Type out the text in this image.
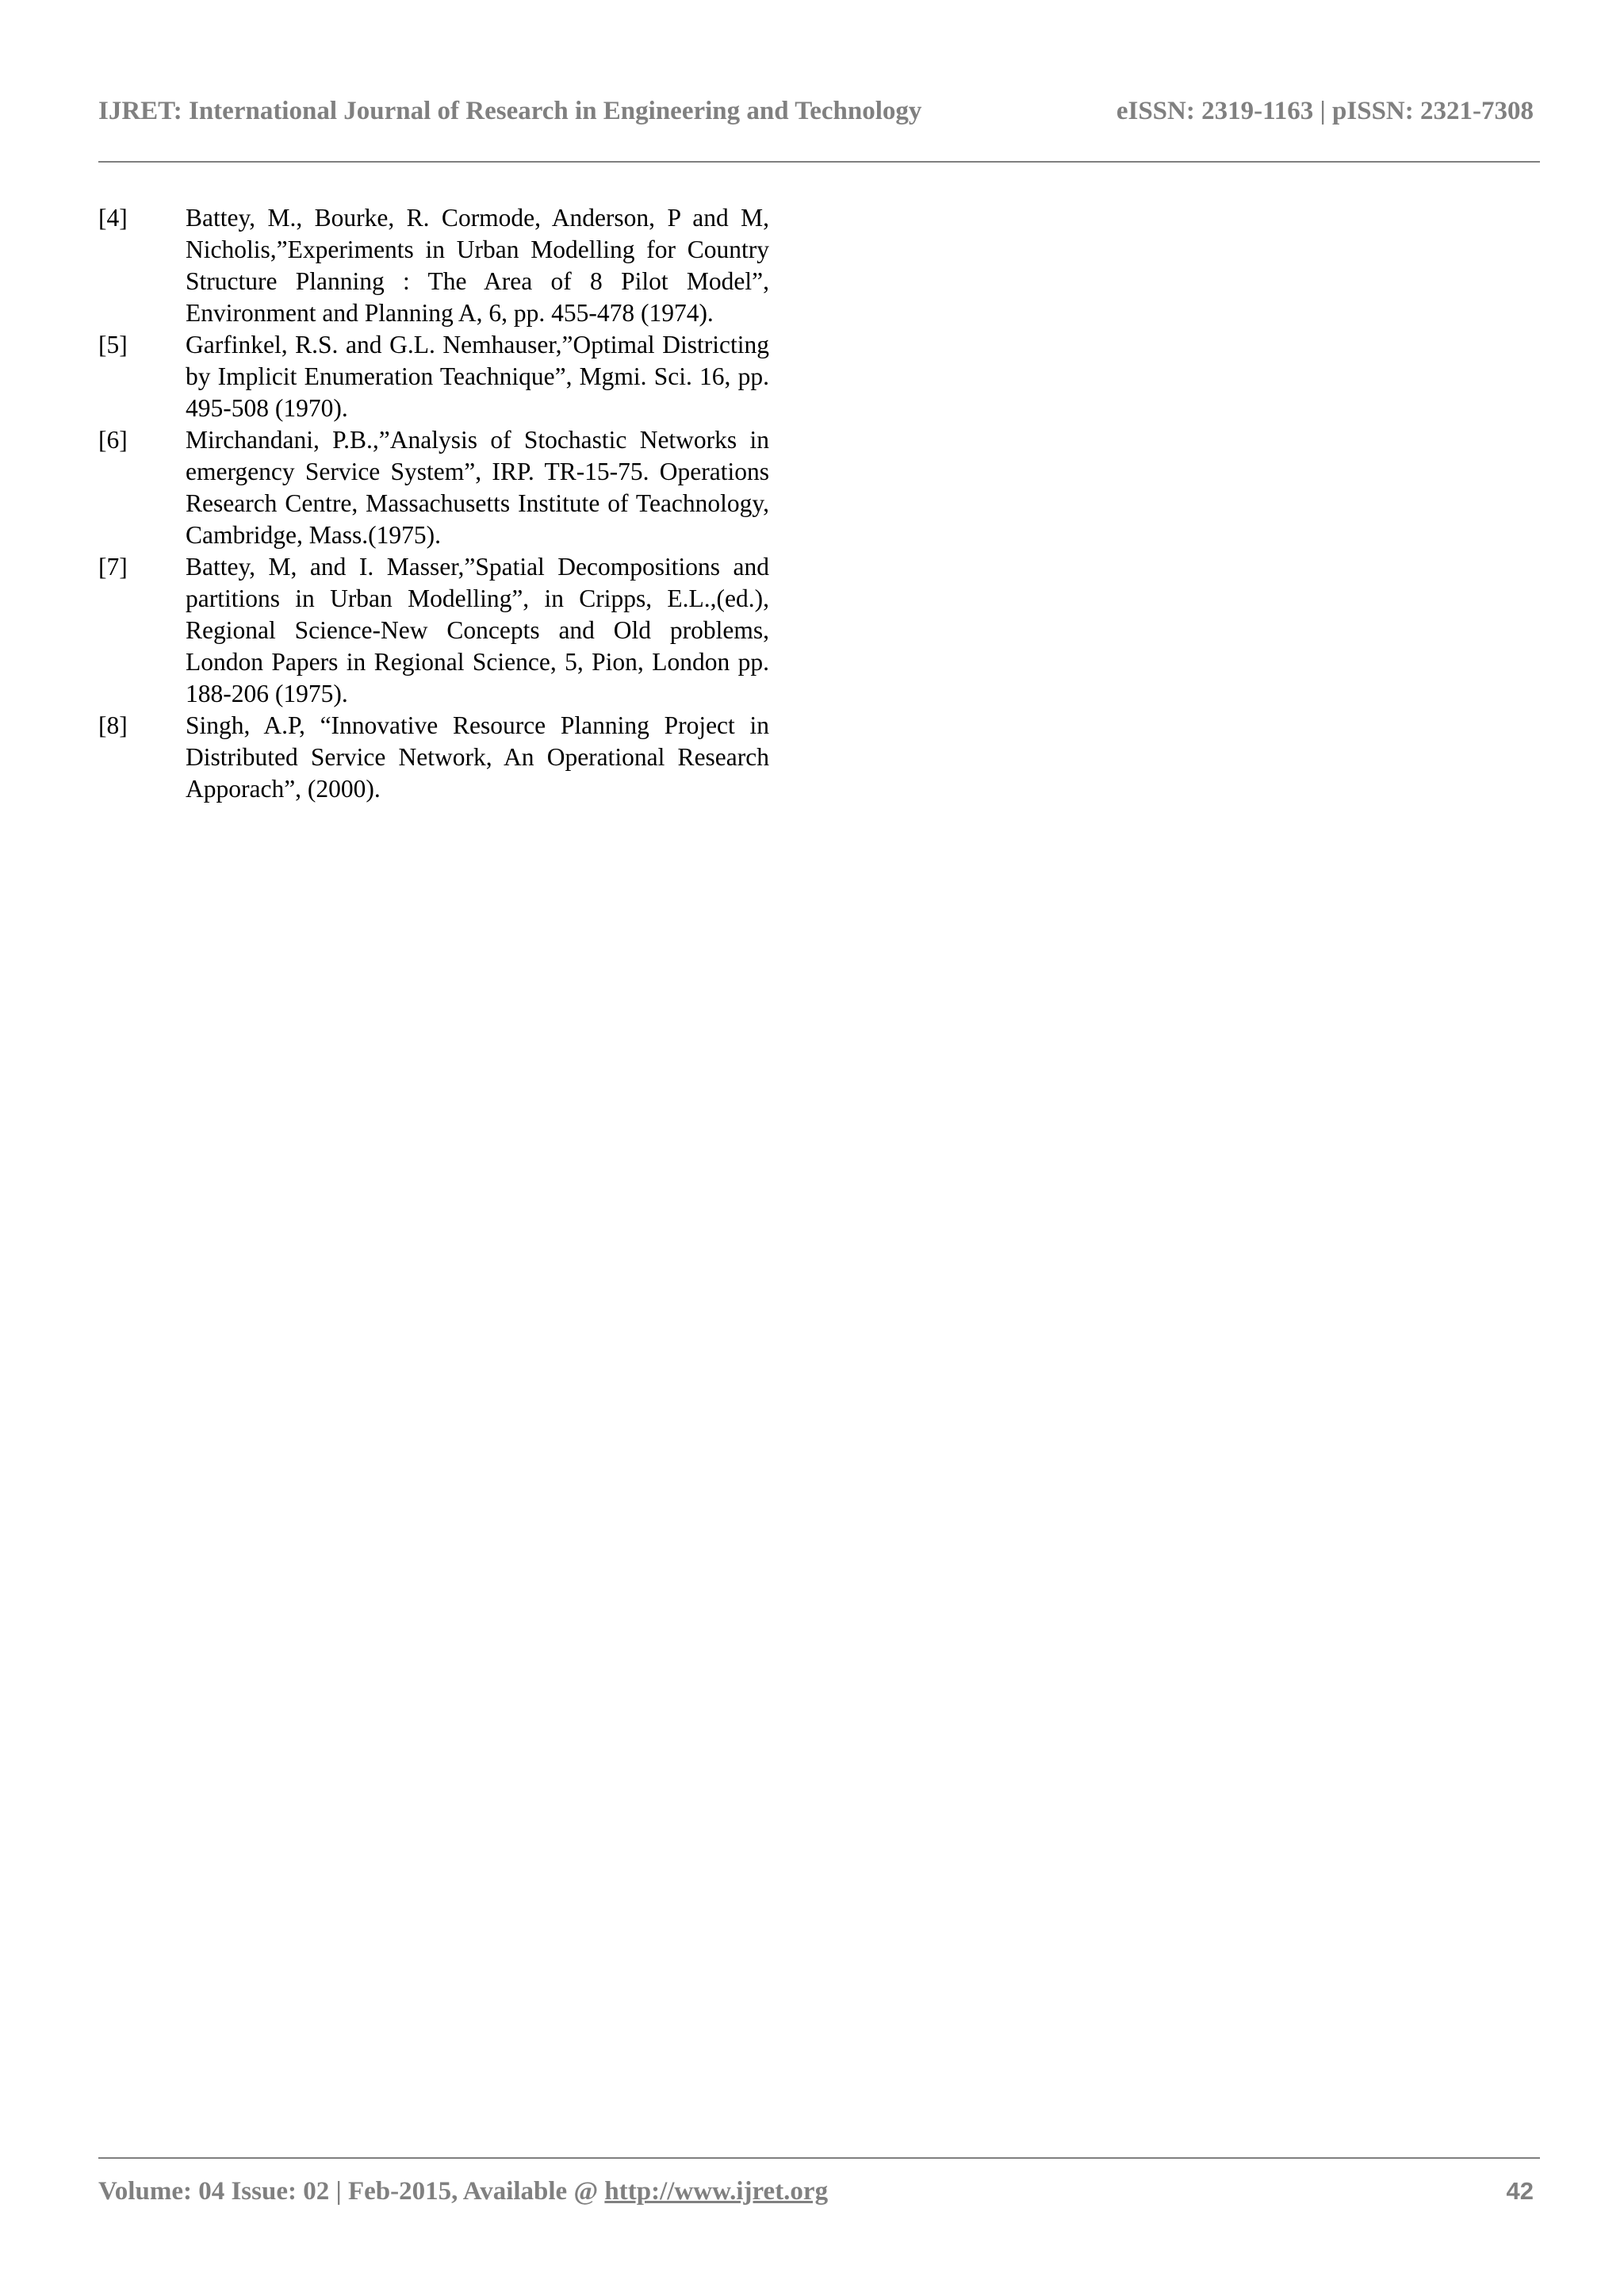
IJRET: International Journal of Research in Engineering and Technology	eISSN: 2319-1163 | pISSN: 2321-7308
[4] Battey, M., Bourke, R. Cormode, Anderson, P and M, Nicholis,”Experiments in Urban Modelling for Country Structure Planning : The Area of 8 Pilot Model”, Environment and Planning A, 6, pp. 455-478 (1974).
[5] Garfinkel, R.S. and G.L. Nemhauser,”Optimal Districting by Implicit Enumeration Teachnique”, Mgmi. Sci. 16, pp. 495-508 (1970).
[6] Mirchandani, P.B.,”Analysis of Stochastic Networks in emergency Service System”, IRP. TR-15-75. Operations Research Centre, Massachusetts Institute of Teachnology, Cambridge, Mass.(1975).
[7] Battey, M, and I. Masser,”Spatial Decompositions and partitions in Urban Modelling”, in Cripps, E.L.,(ed.), Regional Science-New Concepts and Old problems, London Papers in Regional Science, 5, Pion, London pp. 188-206 (1975).
[8] Singh, A.P, “Innovative Resource Planning Project in Distributed Service Network, An Operational Research Apporach”, (2000).
Volume: 04 Issue: 02 | Feb-2015, Available @ http://www.ijret.org	42
